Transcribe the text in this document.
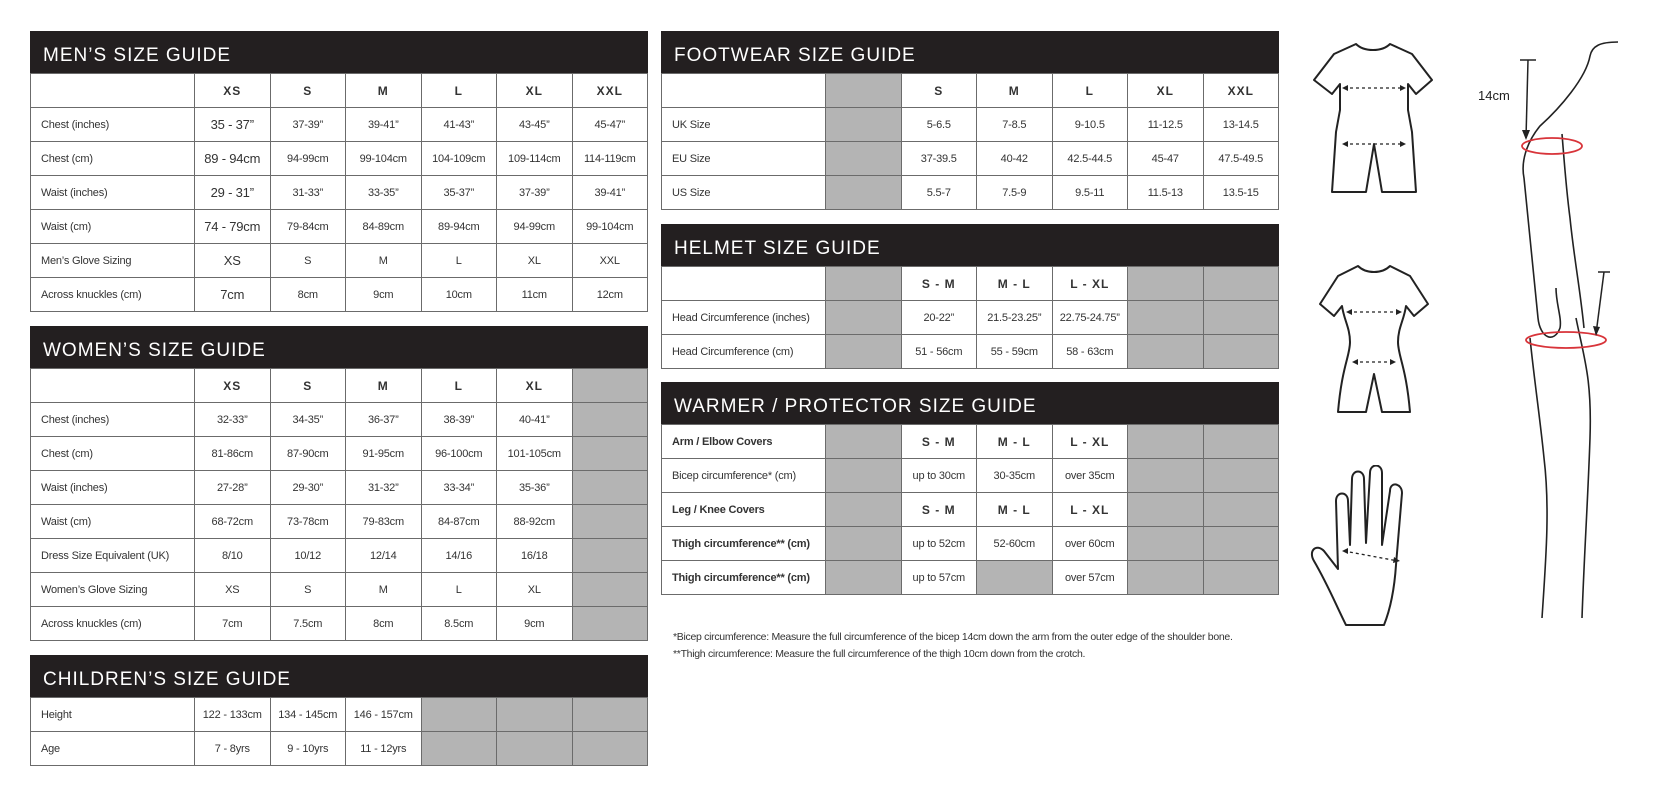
MEN’S SIZE GUIDE
	XS	S	M	L	XL	XXL
Chest (inches)	35 - 37”	37-39”	39-41”	41-43”	43-45”	45-47”
Chest (cm)	89 - 94cm	94-99cm	99-104cm	104-109cm	109-114cm	114-119cm
Waist (inches)	29 - 31”	31-33”	33-35”	35-37”	37-39”	39-41”
Waist (cm)	74 - 79cm	79-84cm	84-89cm	89-94cm	94-99cm	99-104cm
Men’s Glove Sizing	XS	S	M	L	XL	XXL
Across knuckles (cm)	7cm	8cm	9cm	10cm	11cm	12cm
WOMEN’S SIZE GUIDE
	XS	S	M	L	XL	
Chest (inches)	32-33”	34-35”	36-37”	38-39”	40-41”	
Chest (cm)	81-86cm	87-90cm	91-95cm	96-100cm	101-105cm	
Waist (inches)	27-28”	29-30”	31-32”	33-34”	35-36”	
Waist (cm)	68-72cm	73-78cm	79-83cm	84-87cm	88-92cm	
Dress Size Equivalent (UK)	8/10	10/12	12/14	14/16	16/18	
Women’s Glove Sizing	XS	S	M	L	XL	
Across knuckles (cm)	7cm	7.5cm	8cm	8.5cm	9cm	
CHILDREN’S SIZE GUIDE
Height	122 - 133cm	134 - 145cm	146 - 157cm			
Age	7 - 8yrs	9 - 10yrs	11 - 12yrs			
FOOTWEAR SIZE GUIDE
		S	M	L	XL	XXL
UK Size		5-6.5	7-8.5	9-10.5	11-12.5	13-14.5
EU Size		37-39.5	40-42	42.5-44.5	45-47	47.5-49.5
US Size		5.5-7	7.5-9	9.5-11	11.5-13	13.5-15
HELMET SIZE GUIDE
		S - M	M - L	L - XL		
Head Circumference (inches)		20-22”	21.5-23.25”	22.75-24.75”		
Head Circumference (cm)		51 - 56cm	55 - 59cm	58 - 63cm		
WARMER / PROTECTOR SIZE GUIDE
Arm / Elbow Covers		S - M	M - L	L - XL		
Bicep circumference* (cm)		up to 30cm	30-35cm	over 35cm		
Leg / Knee Covers		S - M	M - L	L - XL		
Thigh circumference** (cm)		up to 52cm	52-60cm	over 60cm		
Thigh circumference** (cm)		up to 57cm		over 57cm		
*Bicep circumference: Measure the full circumference of the bicep 14cm down the arm from the outer edge of the shoulder bone.
**Thigh circumference: Measure the full circumference of the thigh 10cm down from the crotch.
14cm
